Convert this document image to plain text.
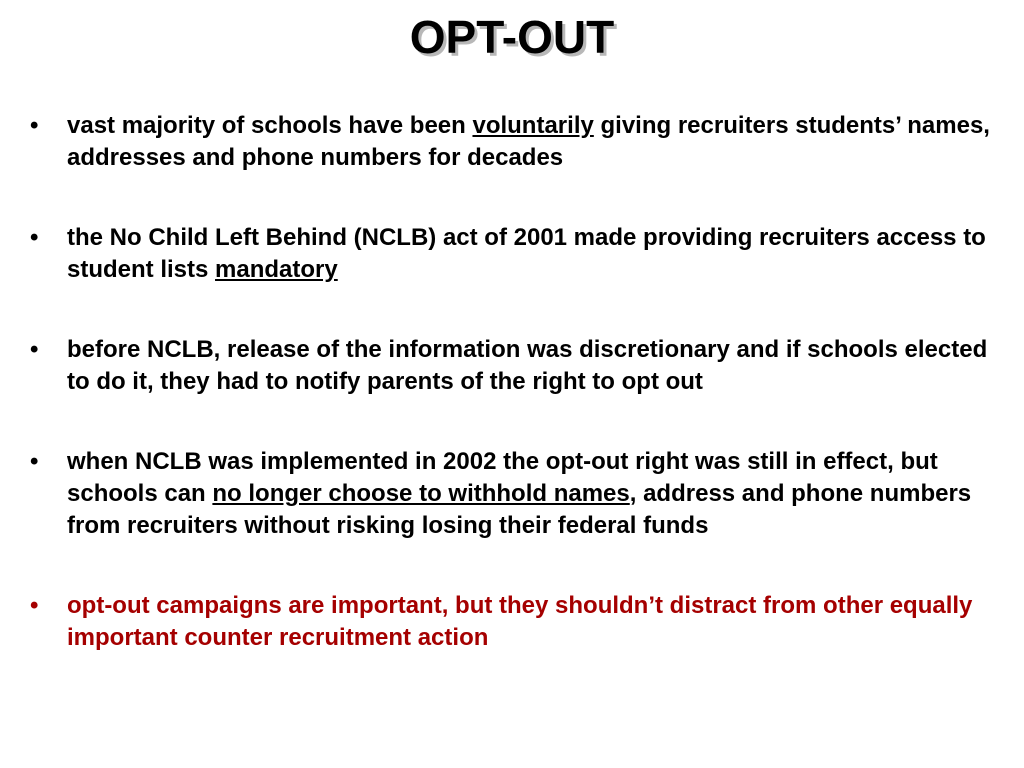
OPT-OUT
•	vast majority of schools have been voluntarily giving recruiters students’ names, addresses and phone numbers for decades
•	the No Child Left Behind (NCLB) act of 2001 made providing recruiters access to student lists mandatory
•	before NCLB, release of the information was discretionary and if schools elected to do it, they had to notify parents of the right to opt out
•	when NCLB was implemented in 2002 the opt-out right was still in effect, but schools can no longer choose to withhold names, address and phone numbers from recruiters without risking losing their federal funds
•	opt-out campaigns are important, but they shouldn’t distract from other equally important counter recruitment action
